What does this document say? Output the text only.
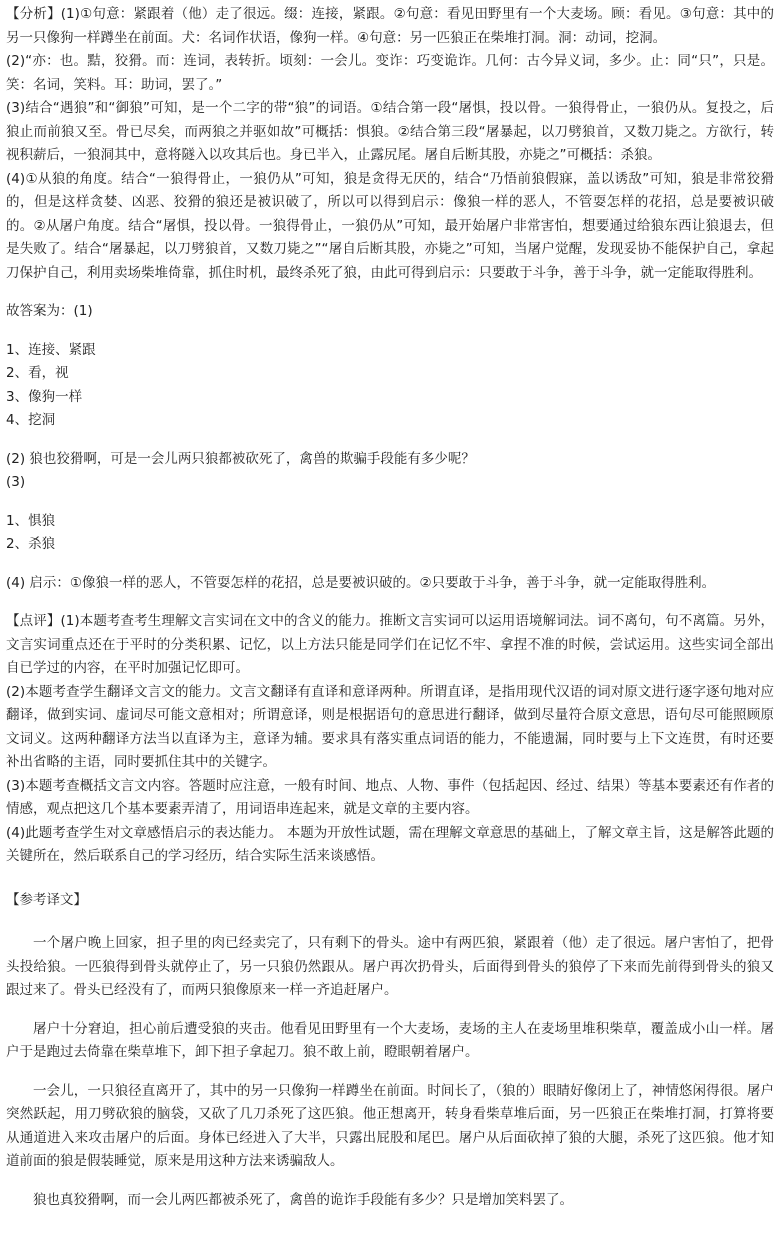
【分析】(1)①句意：紧跟着（他）走了很远。缀：连接，紧跟。②句意：看见田野里有一个大麦场。顾：看见。③句意：其中的另一只像狗一样蹲坐在前面。犬：名词作状语，像狗一样。④句意：另一匹狼正在柴堆打洞。洞：动词，挖洞。

(2)“亦：也。黠，狡猾。而：连词，表转折。顷刻：一会儿。变诈：巧变诡诈。几何：古今异义词，多少。止：同“只”，只是。笑：名词，笑料。耳：助词，罢了。”

(3)结合“遇狼”和“御狼”可知，是一个二字的带“狼”的词语。①结合第一段“屠惧，投以骨。一狼得骨止，一狼仍从。复投之，后狼止而前狼又至。骨已尽矣，而两狼之并驱如故”可概括：惧狼。②结合第三段“屠暴起，以刀劈狼首，又数刀毙之。方欲行，转视积薪后，一狼洞其中，意将隧入以攻其后也。身已半入，止露尻尾。屠自后断其股，亦毙之”可概括：杀狼。

(4)①从狼的角度。结合“一狼得骨止，一狼仍从”可知，狼是贪得无厌的，结合“乃悟前狼假寐，盖以诱敌”可知，狼是非常狡猾的，但是这样贪婪、凶恶、狡猾的狼还是被识破了，所以可以得到启示：像狼一样的恶人，不管耍怎样的花招，总是要被识破的。②从屠户角度。结合“屠惧，投以骨。一狼得骨止，一狼仍从”可知，最开始屠户非常害怕，想要通过给狼东西让狼退去，但是失败了。结合“屠暴起，以刀劈狼首，又数刀毙之”“屠自后断其股，亦毙之”可知，当屠户觉醒，发现妥协不能保护自己，拿起刀保护自己，利用卖场柴堆倚靠，抓住时机，最终杀死了狼，由此可得到启示：只要敢于斗争，善于斗争，就一定能取得胜利。

故答案为：(1)

1、连接、紧跟

2、看，视

3、像狗一样

4、挖洞

(2) 狼也狡猾啊，可是一会儿两只狼都被砍死了，禽兽的欺骗手段能有多少呢？

(3)

1、惧狼

2、杀狼

(4) 启示：①像狼一样的恶人，不管耍怎样的花招，总是要被识破的。②只要敢于斗争，善于斗争，就一定能取得胜利。

【点评】(1)本题考查考生理解文言实词在文中的含义的能力。推断文言实词可以运用语境解词法。词不离句，句不离篇。另外，文言实词重点还在于平时的分类积累、记忆，以上方法只能是同学们在记忆不牢、拿捏不准的时候，尝试运用。这些实词全部出自已学过的内容，在平时加强记忆即可。

(2)本题考查学生翻译文言文的能力。文言文翻译有直译和意译两种。所谓直译，是指用现代汉语的词对原文进行逐字逐句地对应翻译，做到实词、虚词尽可能文意相对；所谓意译，则是根据语句的意思进行翻译，做到尽量符合原文意思，语句尽可能照顾原文词义。这两种翻译方法当以直译为主，意译为辅。要求具有落实重点词语的能力，不能遗漏，同时要与上下文连贯，有时还要补出省略的主语，同时要抓住其中的关键字。

(3)本题考查概括文言文内容。答题时应注意，一般有时间、地点、人物、事件（包括起因、经过、结果）等基本要素还有作者的情感，观点把这几个基本要素弄清了，用词语串连起来，就是文章的主要内容。

(4)此题考查学生对文章感悟启示的表达能力。 本题为开放性试题，需在理解文章意思的基础上，了解文章主旨，这是解答此题的关键所在，然后联系自己的学习经历，结合实际生活来谈感悟。

【参考译文】

一个屠户晚上回家，担子里的肉已经卖完了，只有剩下的骨头。途中有两匹狼，紧跟着（他）走了很远。屠户害怕了，把骨头投给狼。一匹狼得到骨头就停止了，另一只狼仍然跟从。屠户再次扔骨头，后面得到骨头的狼停了下来而先前得到骨头的狼又跟过来了。骨头已经没有了，而两只狼像原来一样一齐追赶屠户。

屠户十分窘迫，担心前后遭受狼的夹击。他看见田野里有一个大麦场，麦场的主人在麦场里堆积柴草，覆盖成小山一样。屠户于是跑过去倚靠在柴草堆下，卸下担子拿起刀。狼不敢上前，瞪眼朝着屠户。

一会儿，一只狼径直离开了，其中的另一只像狗一样蹲坐在前面。时间长了，（狼的）眼睛好像闭上了，神情悠闲得很。屠户突然跃起，用刀劈砍狼的脑袋，又砍了几刀杀死了这匹狼。他正想离开，转身看柴草堆后面，另一匹狼正在柴堆打洞，打算将要从通道进入来攻击屠户的后面。身体已经进入了大半，只露出屁股和尾巴。屠户从后面砍掉了狼的大腿，杀死了这匹狼。他才知道前面的狼是假装睡觉，原来是用这种方法来诱骗敌人。

狼也真狡猾啊，而一会儿两匹都被杀死了，禽兽的诡诈手段能有多少？只是增加笑料罢了。
